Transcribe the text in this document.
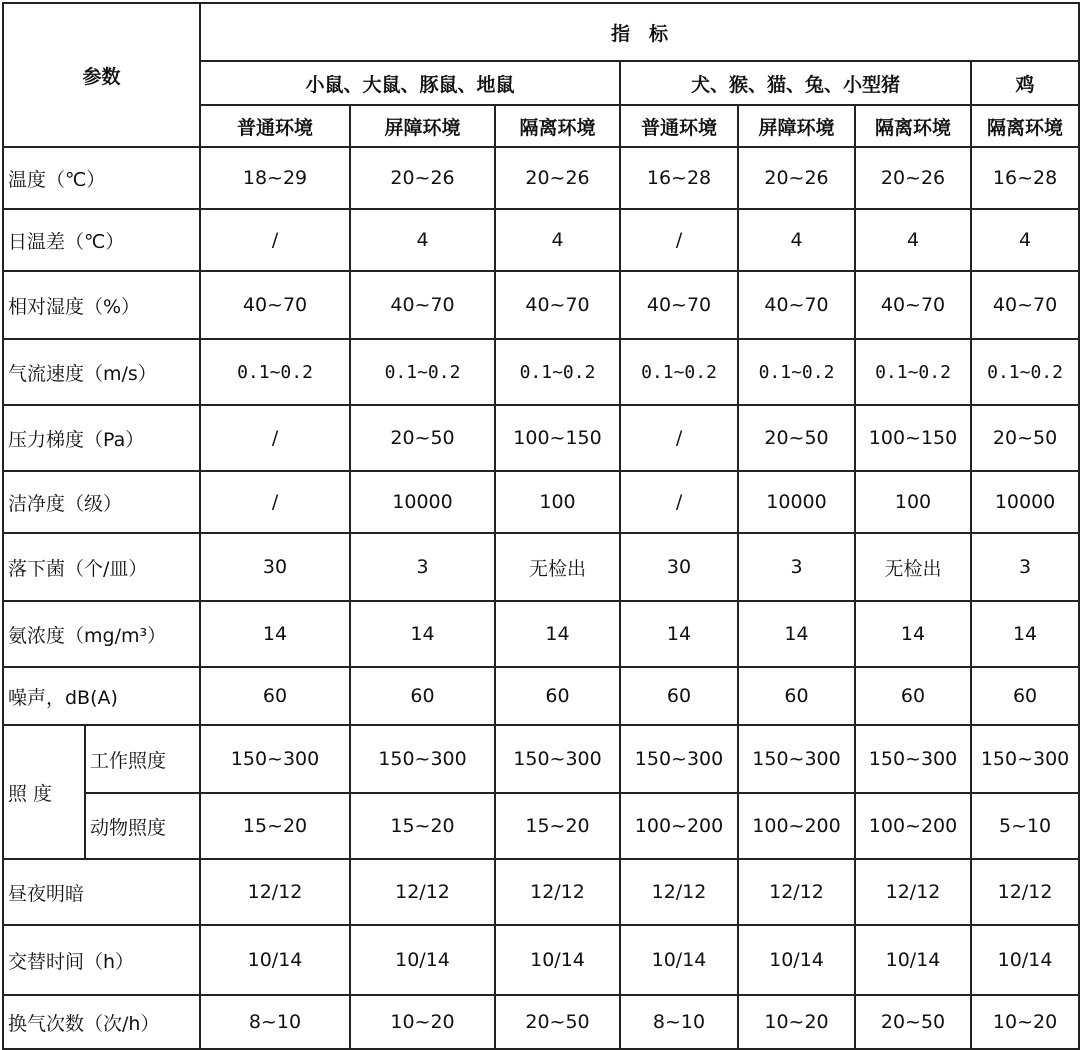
参数		指　标						
		小鼠、大鼠、豚鼠、地鼠			犬、猴、猫、兔、小型猪			鸡
		普通环境	屏障环境	隔离环境	普通环境	屏障环境	隔离环境	隔离环境
温度（℃）		18~29	20~26	20~26	16~28	20~26	20~26	16~28
日温差（℃）		/	4	4	/	4	4	4
相对湿度（%）		40~70	40~70	40~70	40~70	40~70	40~70	40~70
气流速度（m/s）		0.1~0.2	0.1~0.2	0.1~0.2	0.1~0.2	0.1~0.2	0.1~0.2	0.1~0.2
压力梯度（Pa）		/	20~50	100~150	/	20~50	100~150	20~50
洁净度（级）		/	10000	100	/	10000	100	10000
落下菌（个/皿）		30	3	无检出	30	3	无检出	3
氨浓度（mg/m³）		14	14	14	14	14	14	14
噪声，dB(A)		60	60	60	60	60	60	60
照 度	工作照度	150~300	150~300	150~300	150~300	150~300	150~300	150~300
	动物照度	15~20	15~20	15~20	100~200	100~200	100~200	5~10
昼夜明暗		12/12	12/12	12/12	12/12	12/12	12/12	12/12
交替时间（h）		10/14	10/14	10/14	10/14	10/14	10/14	10/14
换气次数（次/h）		8~10	10~20	20~50	8~10	10~20	20~50	10~20
